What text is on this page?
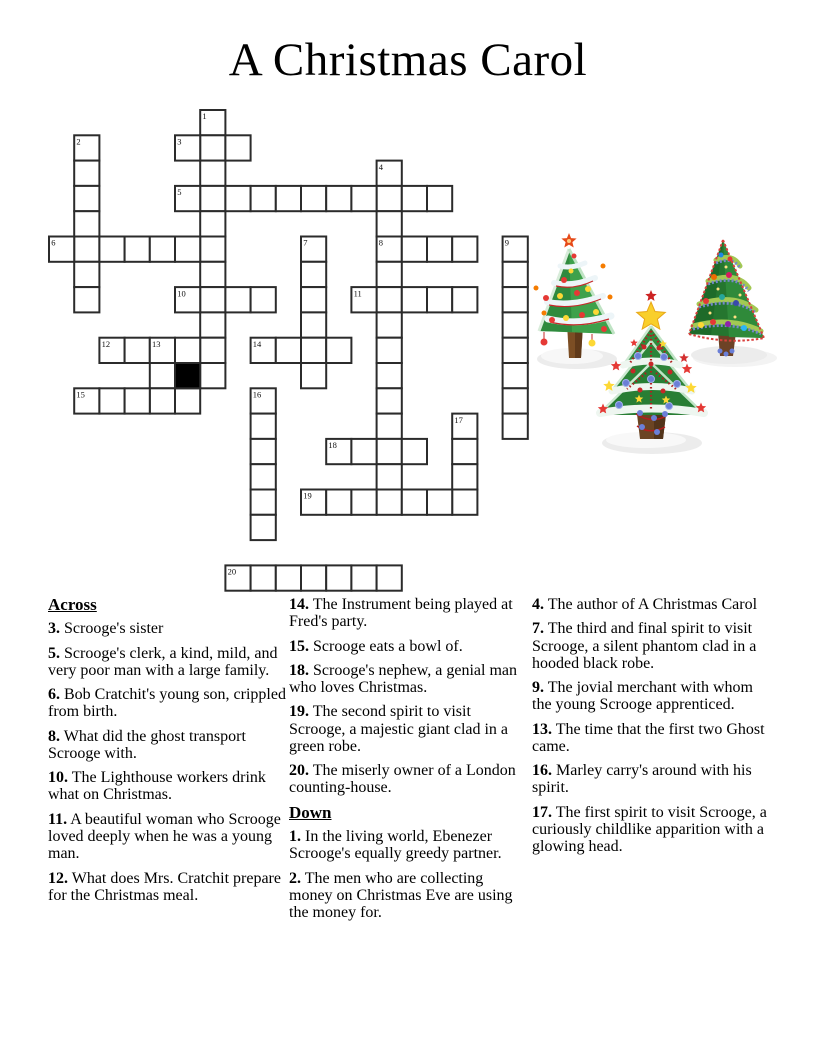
A Christmas Carol
1
2	3
4
8
5
6	7	9
10	11
12	13	14
15	16
17
18
19
20
Across

3. Scrooge's sister

5. Scrooge's clerk, a kind, mild, and very poor man with a large family.

6. Bob Cratchit's young son, crippled from birth.

8. What did the ghost transport Scrooge with.

10. The Lighthouse workers drink what on Christmas.

11. A beautiful woman who Scrooge loved deeply when he was a young man.

12. What does Mrs. Cratchit prepare for the Christmas meal.

14. The Instrument being played at Fred's party.

15. Scrooge eats a bowl of.

18. Scrooge's nephew, a genial man who loves Christmas.

19. The second spirit to visit Scrooge, a majestic giant clad in a green robe.

20. The miserly owner of a London counting-house.

Down

1. In the living world, Ebenezer Scrooge's equally greedy partner.

2. The men who are collecting money on Christmas Eve are using the money for.

4. The author of A Christmas Carol

7. The third and final spirit to visit Scrooge, a silent phantom clad in a hooded black robe.

9. The jovial merchant with whom the young Scrooge apprenticed.

13. The time that the first two Ghost came.

16. Marley carry's around with his spirit.

17. The first spirit to visit Scrooge, a curiously childlike apparition with a glowing head.
